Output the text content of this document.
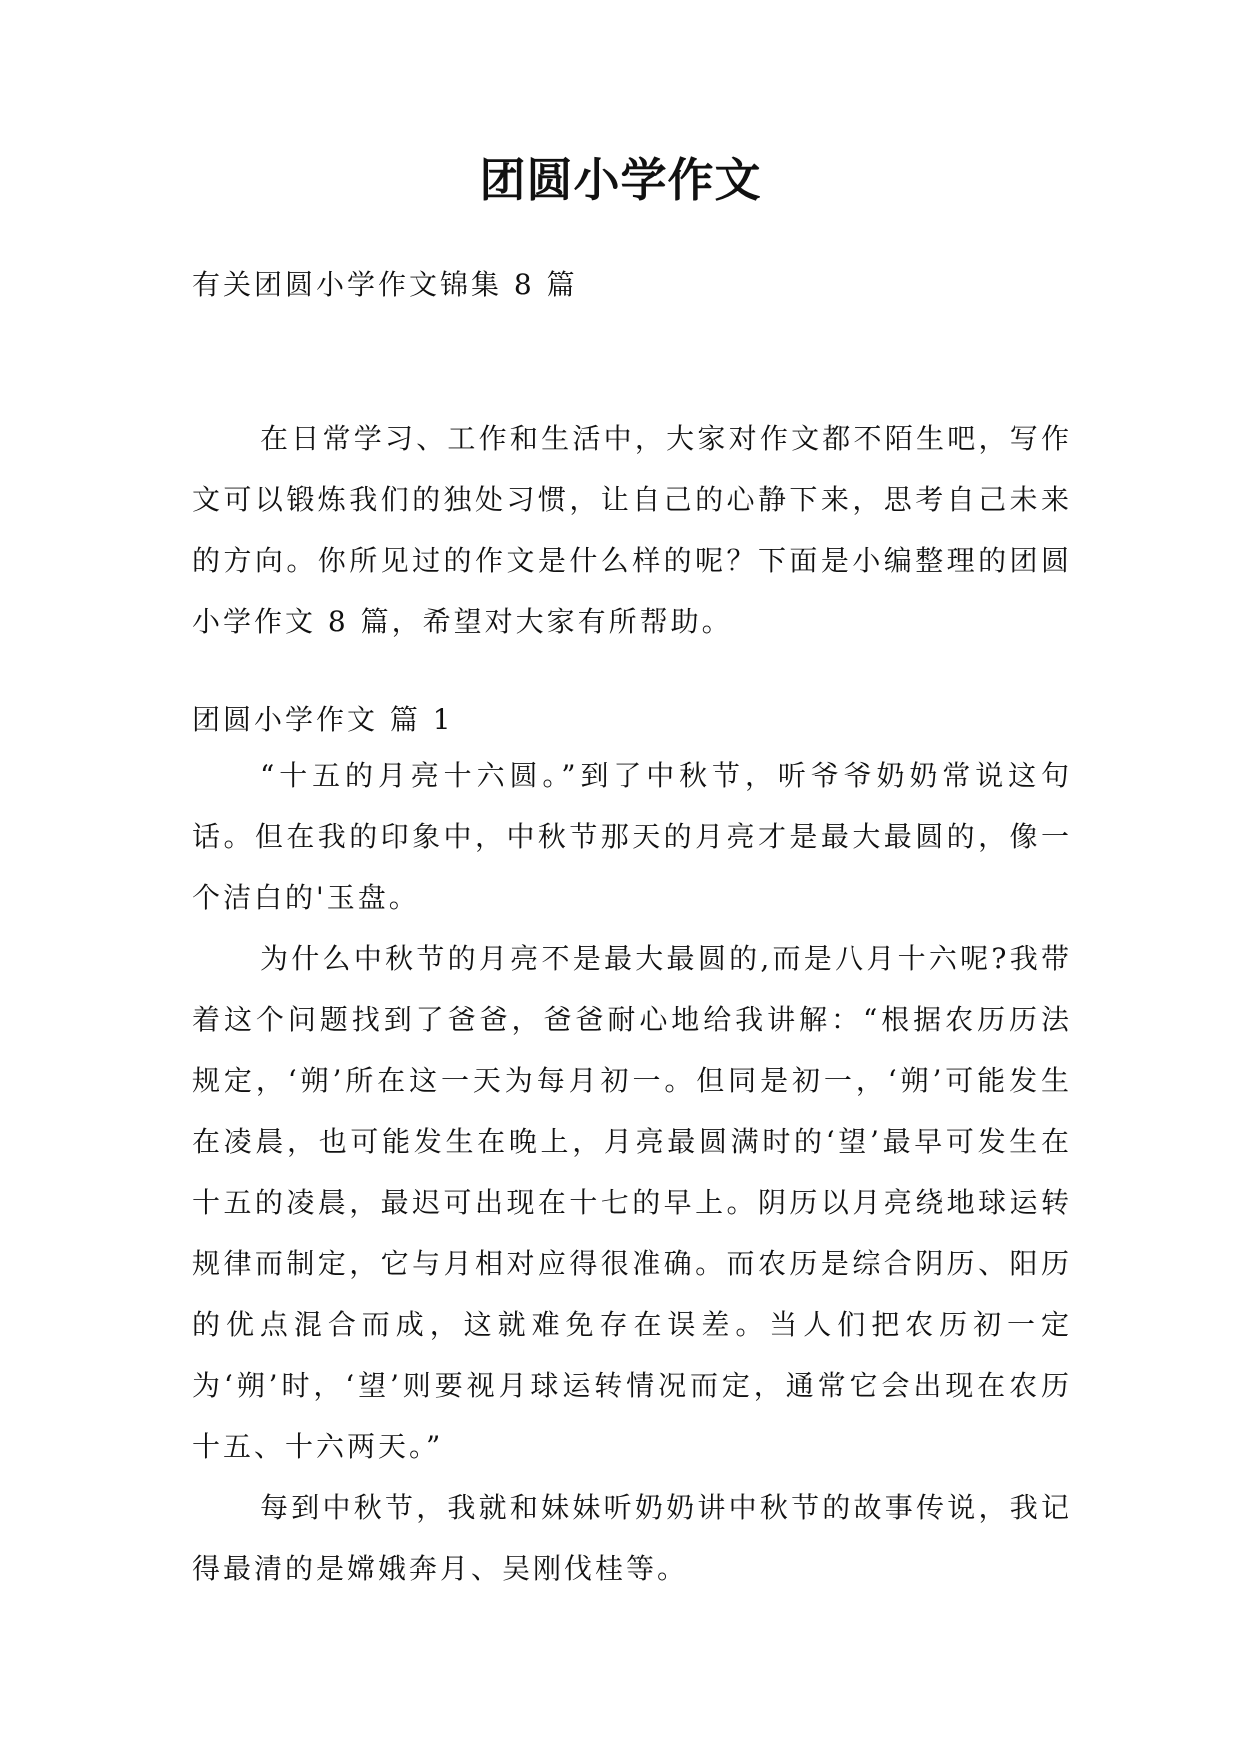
团圆小学作文
有关团圆小学作文锦集 8 篇
在日常学习、工作和生活中，大家对作文都不陌生吧，写作文可以锻炼我们的独处习惯，让自己的心静下来，思考自己未来的方向。你所见过的作文是什么样的呢？下面是小编整理的团圆小学作文 8 篇，希望对大家有所帮助。
团圆小学作文 篇 1
“十五的月亮十六圆。”到了中秋节，听爷爷奶奶常说这句话。但在我的印象中，中秋节那天的月亮才是最大最圆的，像一个洁白的'玉盘。
为什么中秋节的月亮不是最大最圆的,而是八月十六呢?我带着这个问题找到了爸爸，爸爸耐心地给我讲解：“根据农历历法规定，‘朔’所在这一天为每月初一。但同是初一，‘朔’可能发生在凌晨，也可能发生在晚上，月亮最圆满时的‘望’最早可发生在十五的凌晨，最迟可出现在十七的早上。阴历以月亮绕地球运转规律而制定，它与月相对应得很准确。而农历是综合阴历、阳历的优点混合而成，这就难免存在误差。当人们把农历初一定为‘朔’时，‘望’则要视月球运转情况而定，通常它会出现在农历十五、十六两天。”
每到中秋节，我就和妹妹听奶奶讲中秋节的故事传说，我记得最清的是嫦娥奔月、吴刚伐桂等。
